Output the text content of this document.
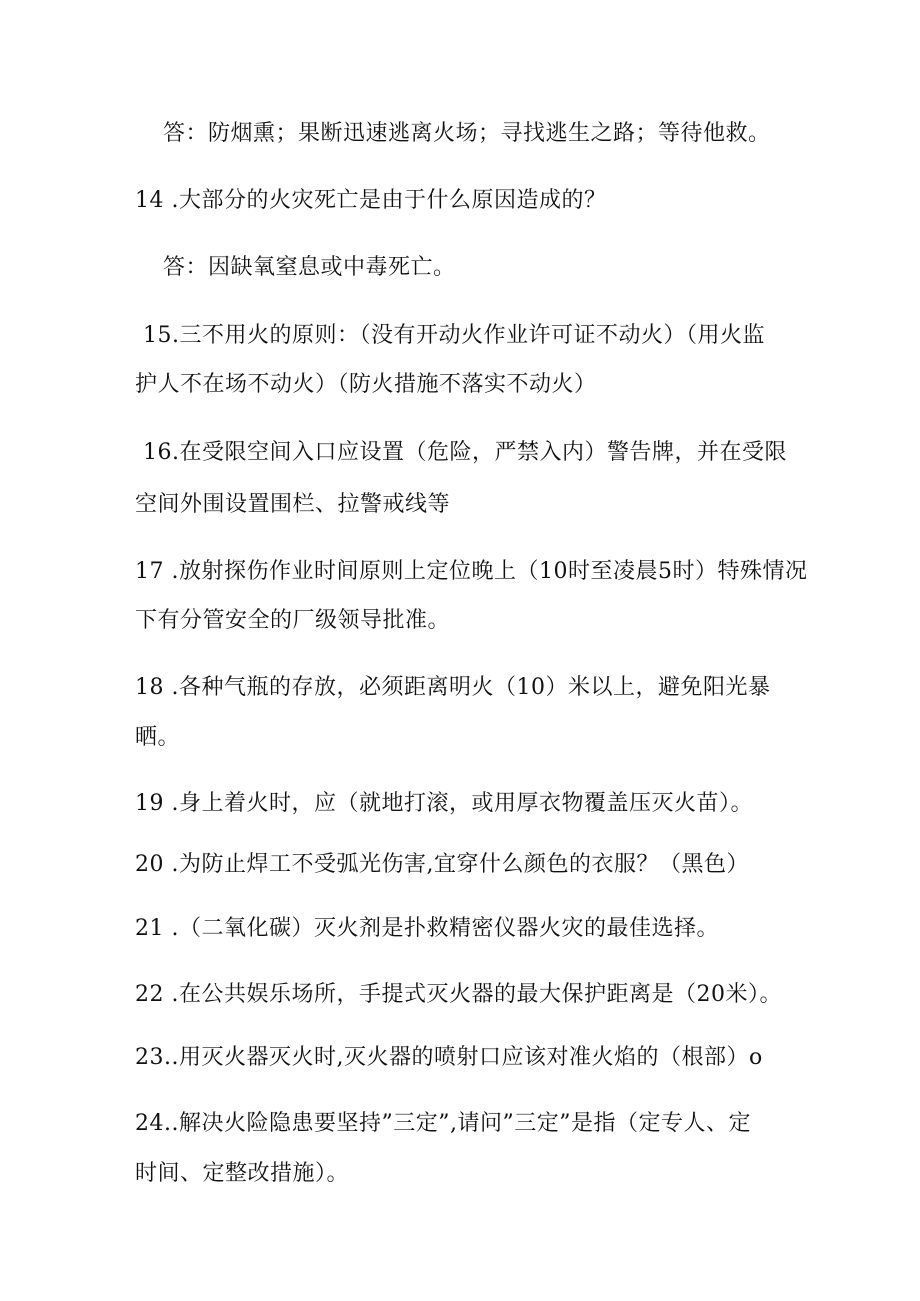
答：防烟熏；果断迅速逃离火场；寻找逃生之路；等待他救。
14 .大部分的火灾死亡是由于什么原因造成的？
答：因缺氧窒息或中毒死亡。
15.三不用火的原则：（没有开动火作业许可证不动火）（用火监
护人不在场不动火）（防火措施不落实不动火）
16.在受限空间入口应设置（危险，严禁入内）警告牌，并在受限
空间外围设置围栏、拉警戒线等
17 .放射探伤作业时间原则上定位晚上（10时至凌晨5时）特殊情况
下有分管安全的厂级领导批准。
18 .各种气瓶的存放，必须距离明火（10）米以上，避免阳光暴
晒。
19 .身上着火时，应（就地打滚，或用厚衣物覆盖压灭火苗）。
20 .为防止焊工不受弧光伤害,宜穿什么颜色的衣服？（黑色）
21 .（二氧化碳）灭火剂是扑救精密仪器火灾的最佳选择。
22 .在公共娱乐场所，手提式灭火器的最大保护距离是（20米）。
23..用灭火器灭火时,灭火器的喷射口应该对准火焰的（根部）o
24..解决火险隐患要坚持”三定”,请问”三定”是指（定专人、定
时间、定整改措施）。
